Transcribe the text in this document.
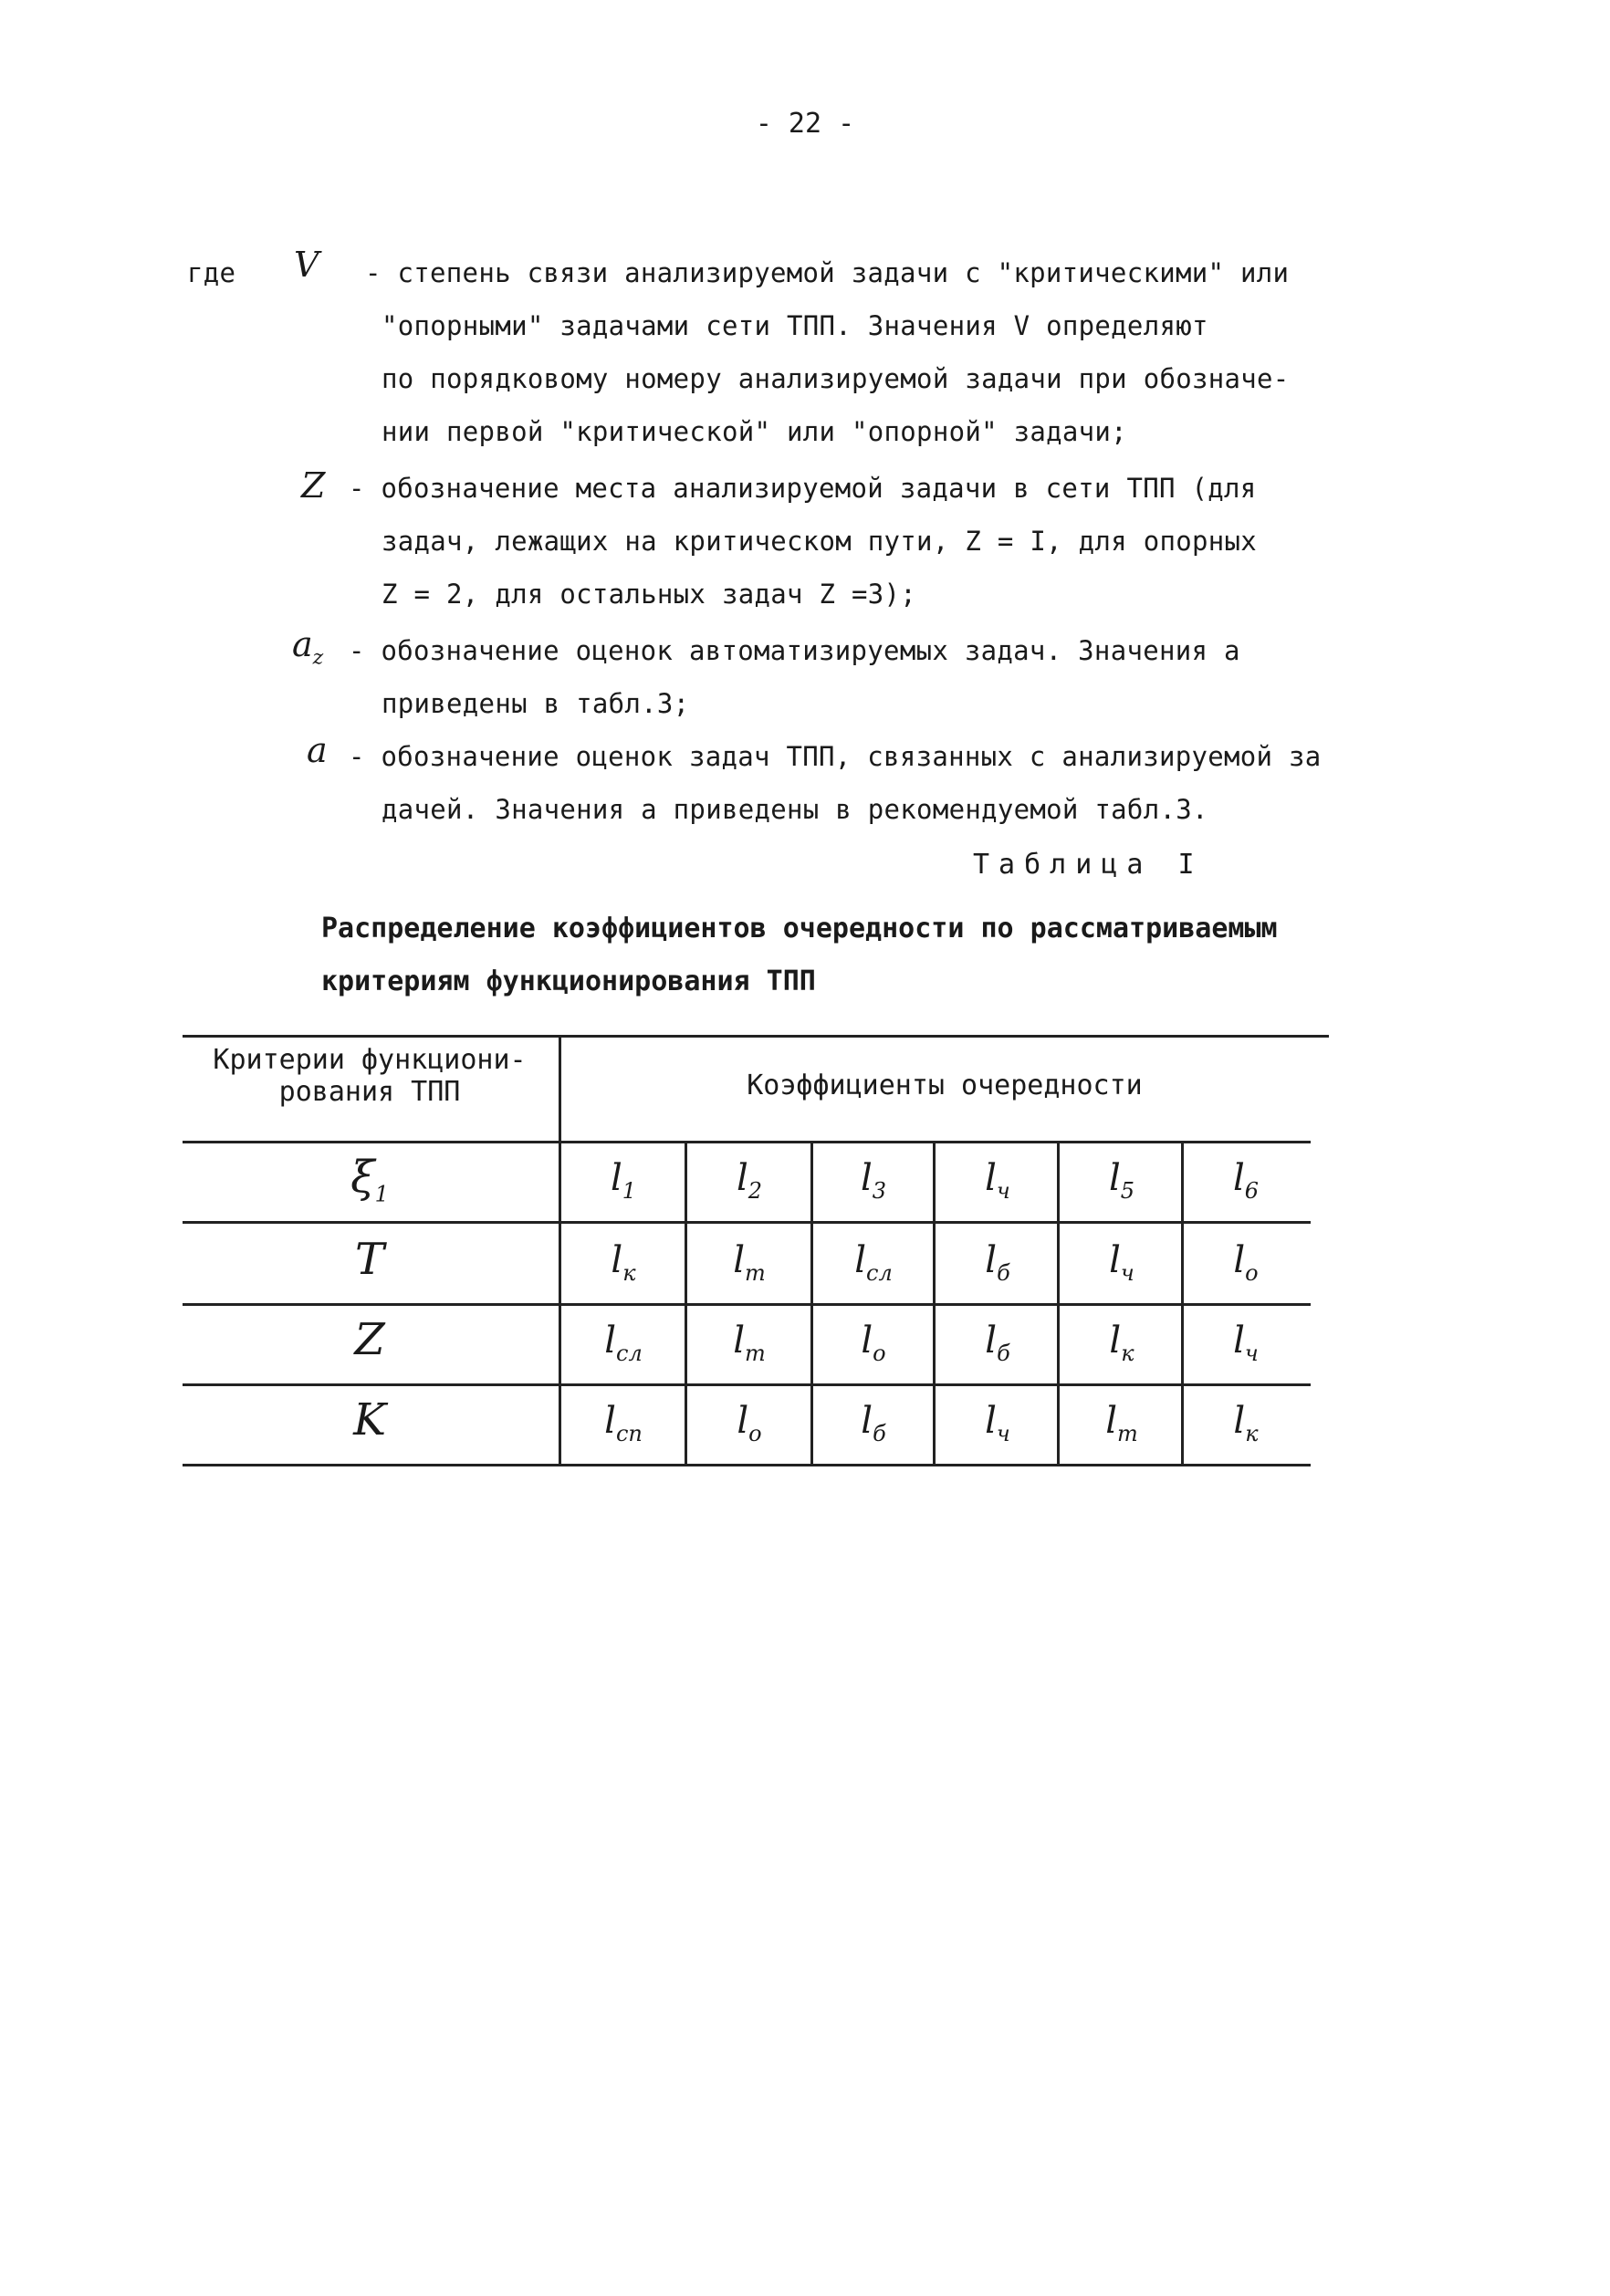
- 22 -
где V - степень связи анализируемой задачи с "критическими" или
"опорными" задачами сети ТПП. Значения V определяют
по порядковому номеру анализируемой задачи при обозначе-
нии первой "критической" или "опорной" задачи;
Z - обозначение места анализируемой задачи в сети ТПП (для
задач, лежащих на критическом пути, Z = I, для опорных
Z = 2, для остальных задач Z =3);
$a_z$ - обозначение оценок автоматизируемых задач. Значения a
приведены в табл.3;
a - обозначение оценок задач ТПП, связанных с анализируемой за
дачей. Значения a приведены в рекомендуемой табл.3.
Таблица I
Распределение коэффициентов очередности по рассматриваемым
критериям функционирования ТПП
Критерии функциони-
рования ТПП	Коэффициенты очередности
$\xi_1$	$l_1$	$l_2$	$l_3$	$l_ч$	$l_5$	$l_6$
T	$l_к$	$l_т$	$l_{сл}$	$l_б$	$l_ч$	$l_о$
Z	$l_{сл}$	$l_т$	$l_о$	$l_б$	$l_к$	$l_ч$
K	$l_{сп}$	$l_о$	$l_б$	$l_ч$	$l_т$	$l_к$
